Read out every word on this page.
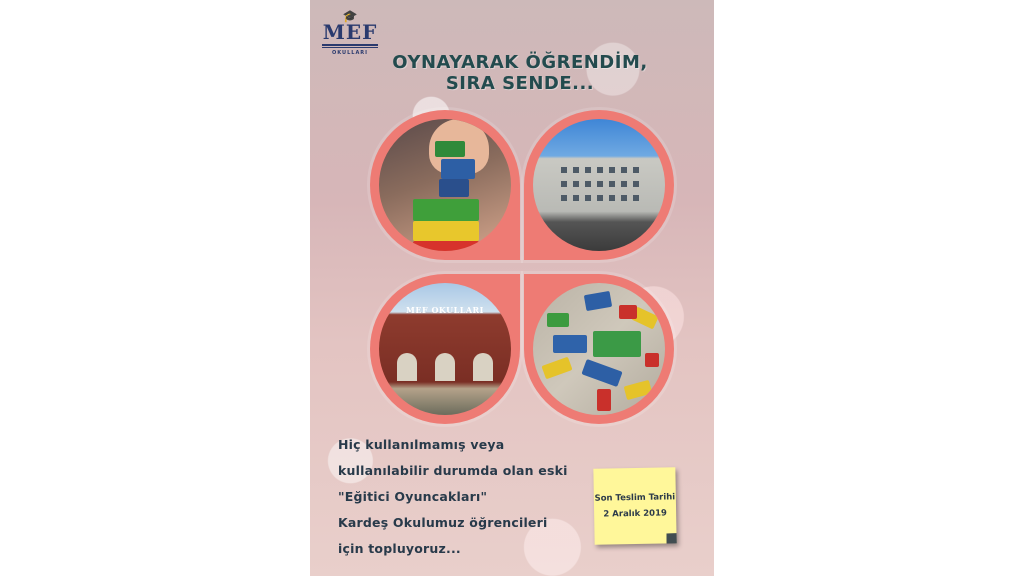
🎓
MEF
OKULLARI	OYNAYARAK ÖĞRENDİM,
SIRA SENDE...
MEF OKULLARI
Hiç kullanılmamış veya
kullanılabilir durumda olan eski
"Eğitici Oyuncakları"
Kardeş Okulumuz öğrencileri
için topluyoruz...
Son Teslim Tarihi
2 Aralık 2019
